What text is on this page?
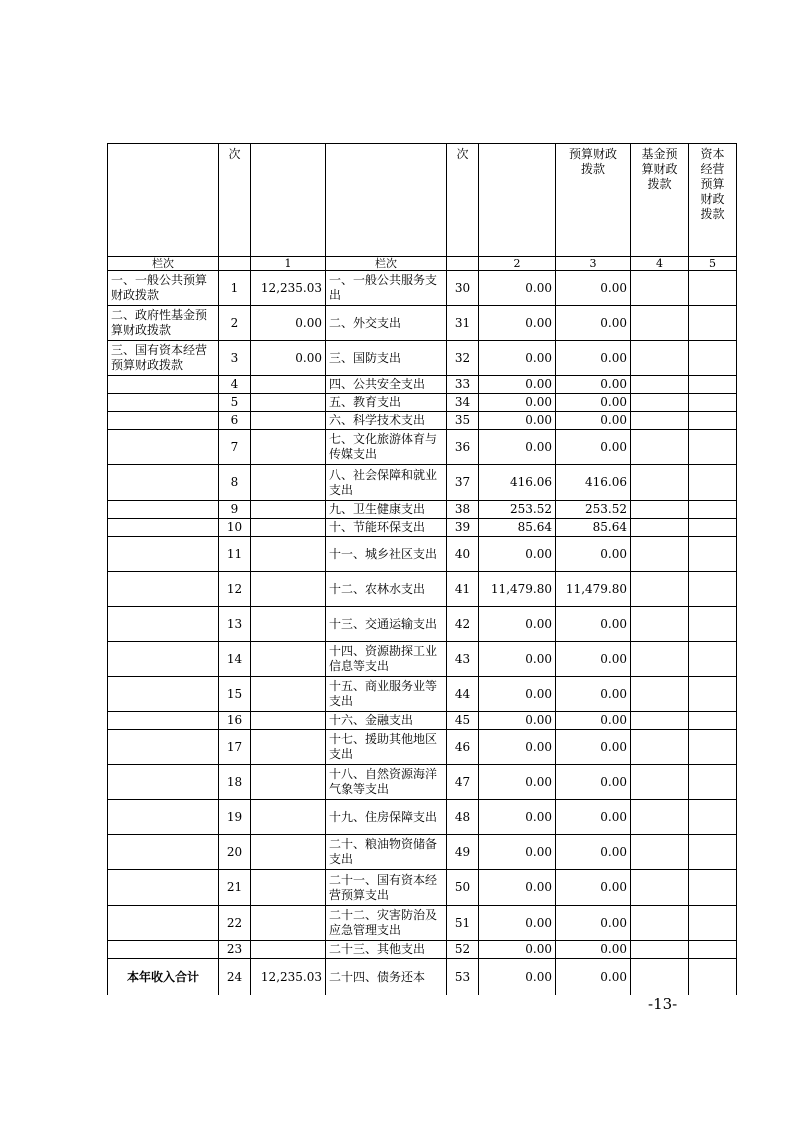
	次			次		预算财政拨款	基金预算财政拨款	资本经营预算财政拨款
栏次		1	栏次		2	3	4	5
一、一般公共预算财政拨款	1	12,235.03	一、一般公共服务支出	30	0.00	0.00		
二、政府性基金预算财政拨款	2	0.00	二、外交支出	31	0.00	0.00		
三、国有资本经营预算财政拨款	3	0.00	三、国防支出	32	0.00	0.00		
	4		四、公共安全支出	33	0.00	0.00		
	5		五、教育支出	34	0.00	0.00		
	6		六、科学技术支出	35	0.00	0.00		
	7		七、文化旅游体育与传媒支出	36	0.00	0.00		
	8		八、社会保障和就业支出	37	416.06	416.06		
	9		九、卫生健康支出	38	253.52	253.52		
	10		十、节能环保支出	39	85.64	85.64		
	11		十一、城乡社区支出	40	0.00	0.00		
	12		十二、农林水支出	41	11,479.80	11,479.80		
	13		十三、交通运输支出	42	0.00	0.00		
	14		十四、资源勘探工业信息等支出	43	0.00	0.00		
	15		十五、商业服务业等支出	44	0.00	0.00		
	16		十六、金融支出	45	0.00	0.00		
	17		十七、援助其他地区支出	46	0.00	0.00		
	18		十八、自然资源海洋气象等支出	47	0.00	0.00		
	19		十九、住房保障支出	48	0.00	0.00		
	20		二十、粮油物资储备支出	49	0.00	0.00		
	21		二十一、国有资本经营预算支出	50	0.00	0.00		
	22		二十二、灾害防治及应急管理支出	51	0.00	0.00		
	23		二十三、其他支出	52	0.00	0.00		
本年收入合计	24	12,235.03	二十四、债务还本	53	0.00	0.00		
-13-
